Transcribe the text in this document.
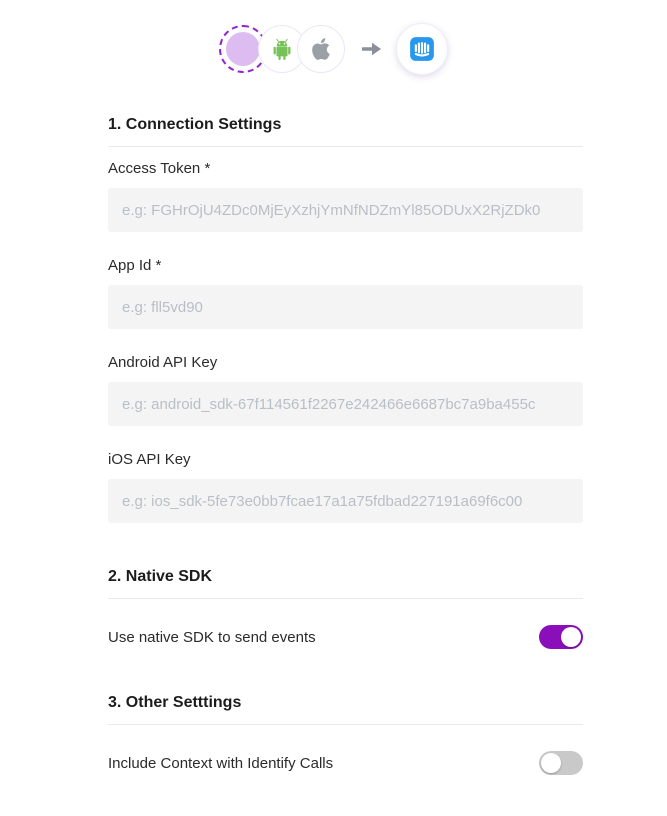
1. Connection Settings
Access Token *
e.g: FGHrOjU4ZDc0MjEyXzhjYmNfNDZmYl85ODUxX2RjZDk0
App Id *
e.g: fll5vd90
Android API Key
e.g: android_sdk-67f114561f2267e242466e6687bc7a9ba455c
iOS API Key
e.g: ios_sdk-5fe73e0bb7fcae17a1a75fdbad227191a69f6c00
2. Native SDK
Use native SDK to send events
3. Other Setttings
Include Context with Identify Calls
